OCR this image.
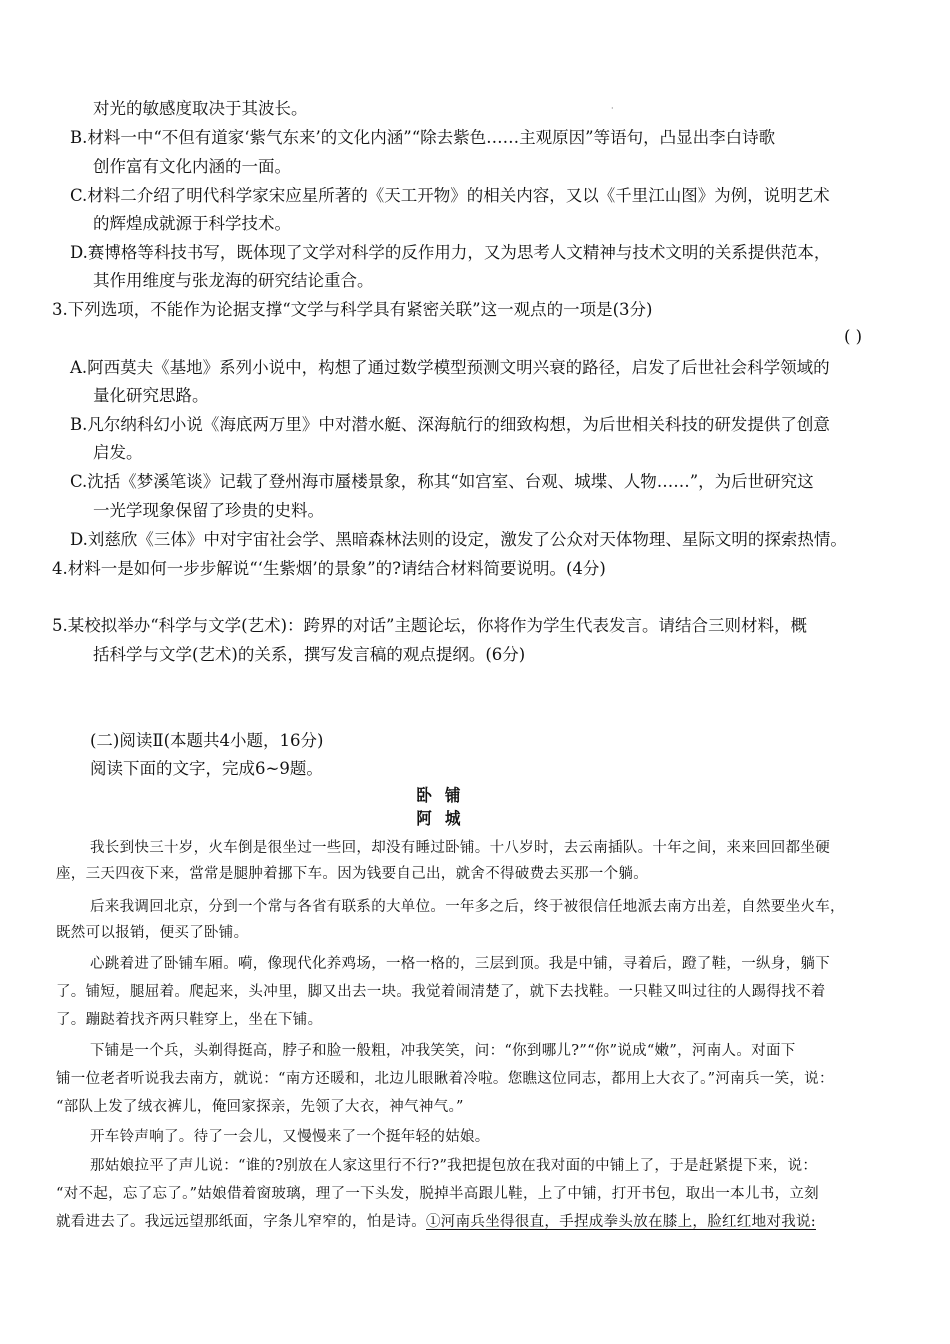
对光的敏感度取决于其波长。	·
B.材料一中“不但有道家‘紫气东来’的文化内涵”“除去紫色……主观原因”等语句，凸显出李白诗歌
创作富有文化内涵的一面。
C.材料二介绍了明代科学家宋应星所著的《天工开物》的相关内容，又以《千里江山图》为例，说明艺术
的辉煌成就源于科学技术。
D.赛博格等科技书写，既体现了文学对科学的反作用力，又为思考人文精神与技术文明的关系提供范本，
其作用维度与张龙海的研究结论重合。
3.下列选项，不能作为论据支撑“文学与科学具有紧密关联”这一观点的一项是(3分)
( )
A.阿西莫夫《基地》系列小说中，构想了通过数学模型预测文明兴衰的路径，启发了后世社会科学领域的
量化研究思路。
B.凡尔纳科幻小说《海底两万里》中对潜水艇、深海航行的细致构想，为后世相关科技的研发提供了创意
启发。
C.沈括《梦溪笔谈》记载了登州海市蜃楼景象，称其“如宫室、台观、城堞、人物……”，为后世研究这
一光学现象保留了珍贵的史料。
D.刘慈欣《三体》中对宇宙社会学、黑暗森林法则的设定，激发了公众对天体物理、星际文明的探索热情。
4.材料一是如何一步步解说“‘生紫烟’的景象”的?请结合材料简要说明。(4分)
5.某校拟举办“科学与文学(艺术)：跨界的对话”主题论坛，你将作为学生代表发言。请结合三则材料，概
括科学与文学(艺术)的关系，撰写发言稿的观点提纲。(6分)
(二)阅读Ⅱ(本题共4小题，16分)
阅读下面的文字，完成6~9题。
卧铺
阿城
我长到快三十岁，火车倒是很坐过一些回，却没有睡过卧铺。十八岁时，去云南插队。十年之间，来来回回都坐硬
座，三天四夜下来，當常是腿肿着挪下车。因为钱要自己出，就舍不得破费去买那一个躺。
后来我调回北京，分到一个常与各省有联系的大单位。一年多之后，终于被很信任地派去南方出差，自然要坐火车，
既然可以报销，便买了卧铺。
心跳着进了卧铺车厢。嗬，像现代化养鸡场，一格一格的，三层到顶。我是中铺，寻着后，蹬了鞋，一纵身，躺下
了。铺短，腿屈着。爬起来，头冲里，脚又出去一块。我觉着闹清楚了，就下去找鞋。一只鞋又叫过往的人踢得找不着
了。蹦跶着找齐两只鞋穿上，坐在下铺。
下铺是一个兵，头剃得挺高，脖子和脸一般粗，冲我笑笑，问：“你到哪儿?”“你”说成“嫩”，河南人。对面下
铺一位老者听说我去南方，就说：“南方还暖和，北边儿眼瞅着冷啦。您瞧这位同志，都用上大衣了。”河南兵一笑，说：
“部队上发了绒衣裤儿，俺回家探亲，先领了大衣，神气神气。”
开车铃声响了。待了一会儿，又慢慢来了一个挺年轻的姑娘。
那姑娘拉平了声儿说：“谁的?别放在人家这里行不行?”我把提包放在我对面的中铺上了，于是赶紧提下来，说：
“对不起，忘了忘了。”姑娘借着窗玻璃，理了一下头发，脱掉半高跟儿鞋，上了中铺，打开书包，取出一本儿书，立刻
就看进去了。我远远望那纸面，字条儿窄窄的，怕是诗。①河南兵坐得很直，手捏成拳头放在膝上，脸红红地对我说:
